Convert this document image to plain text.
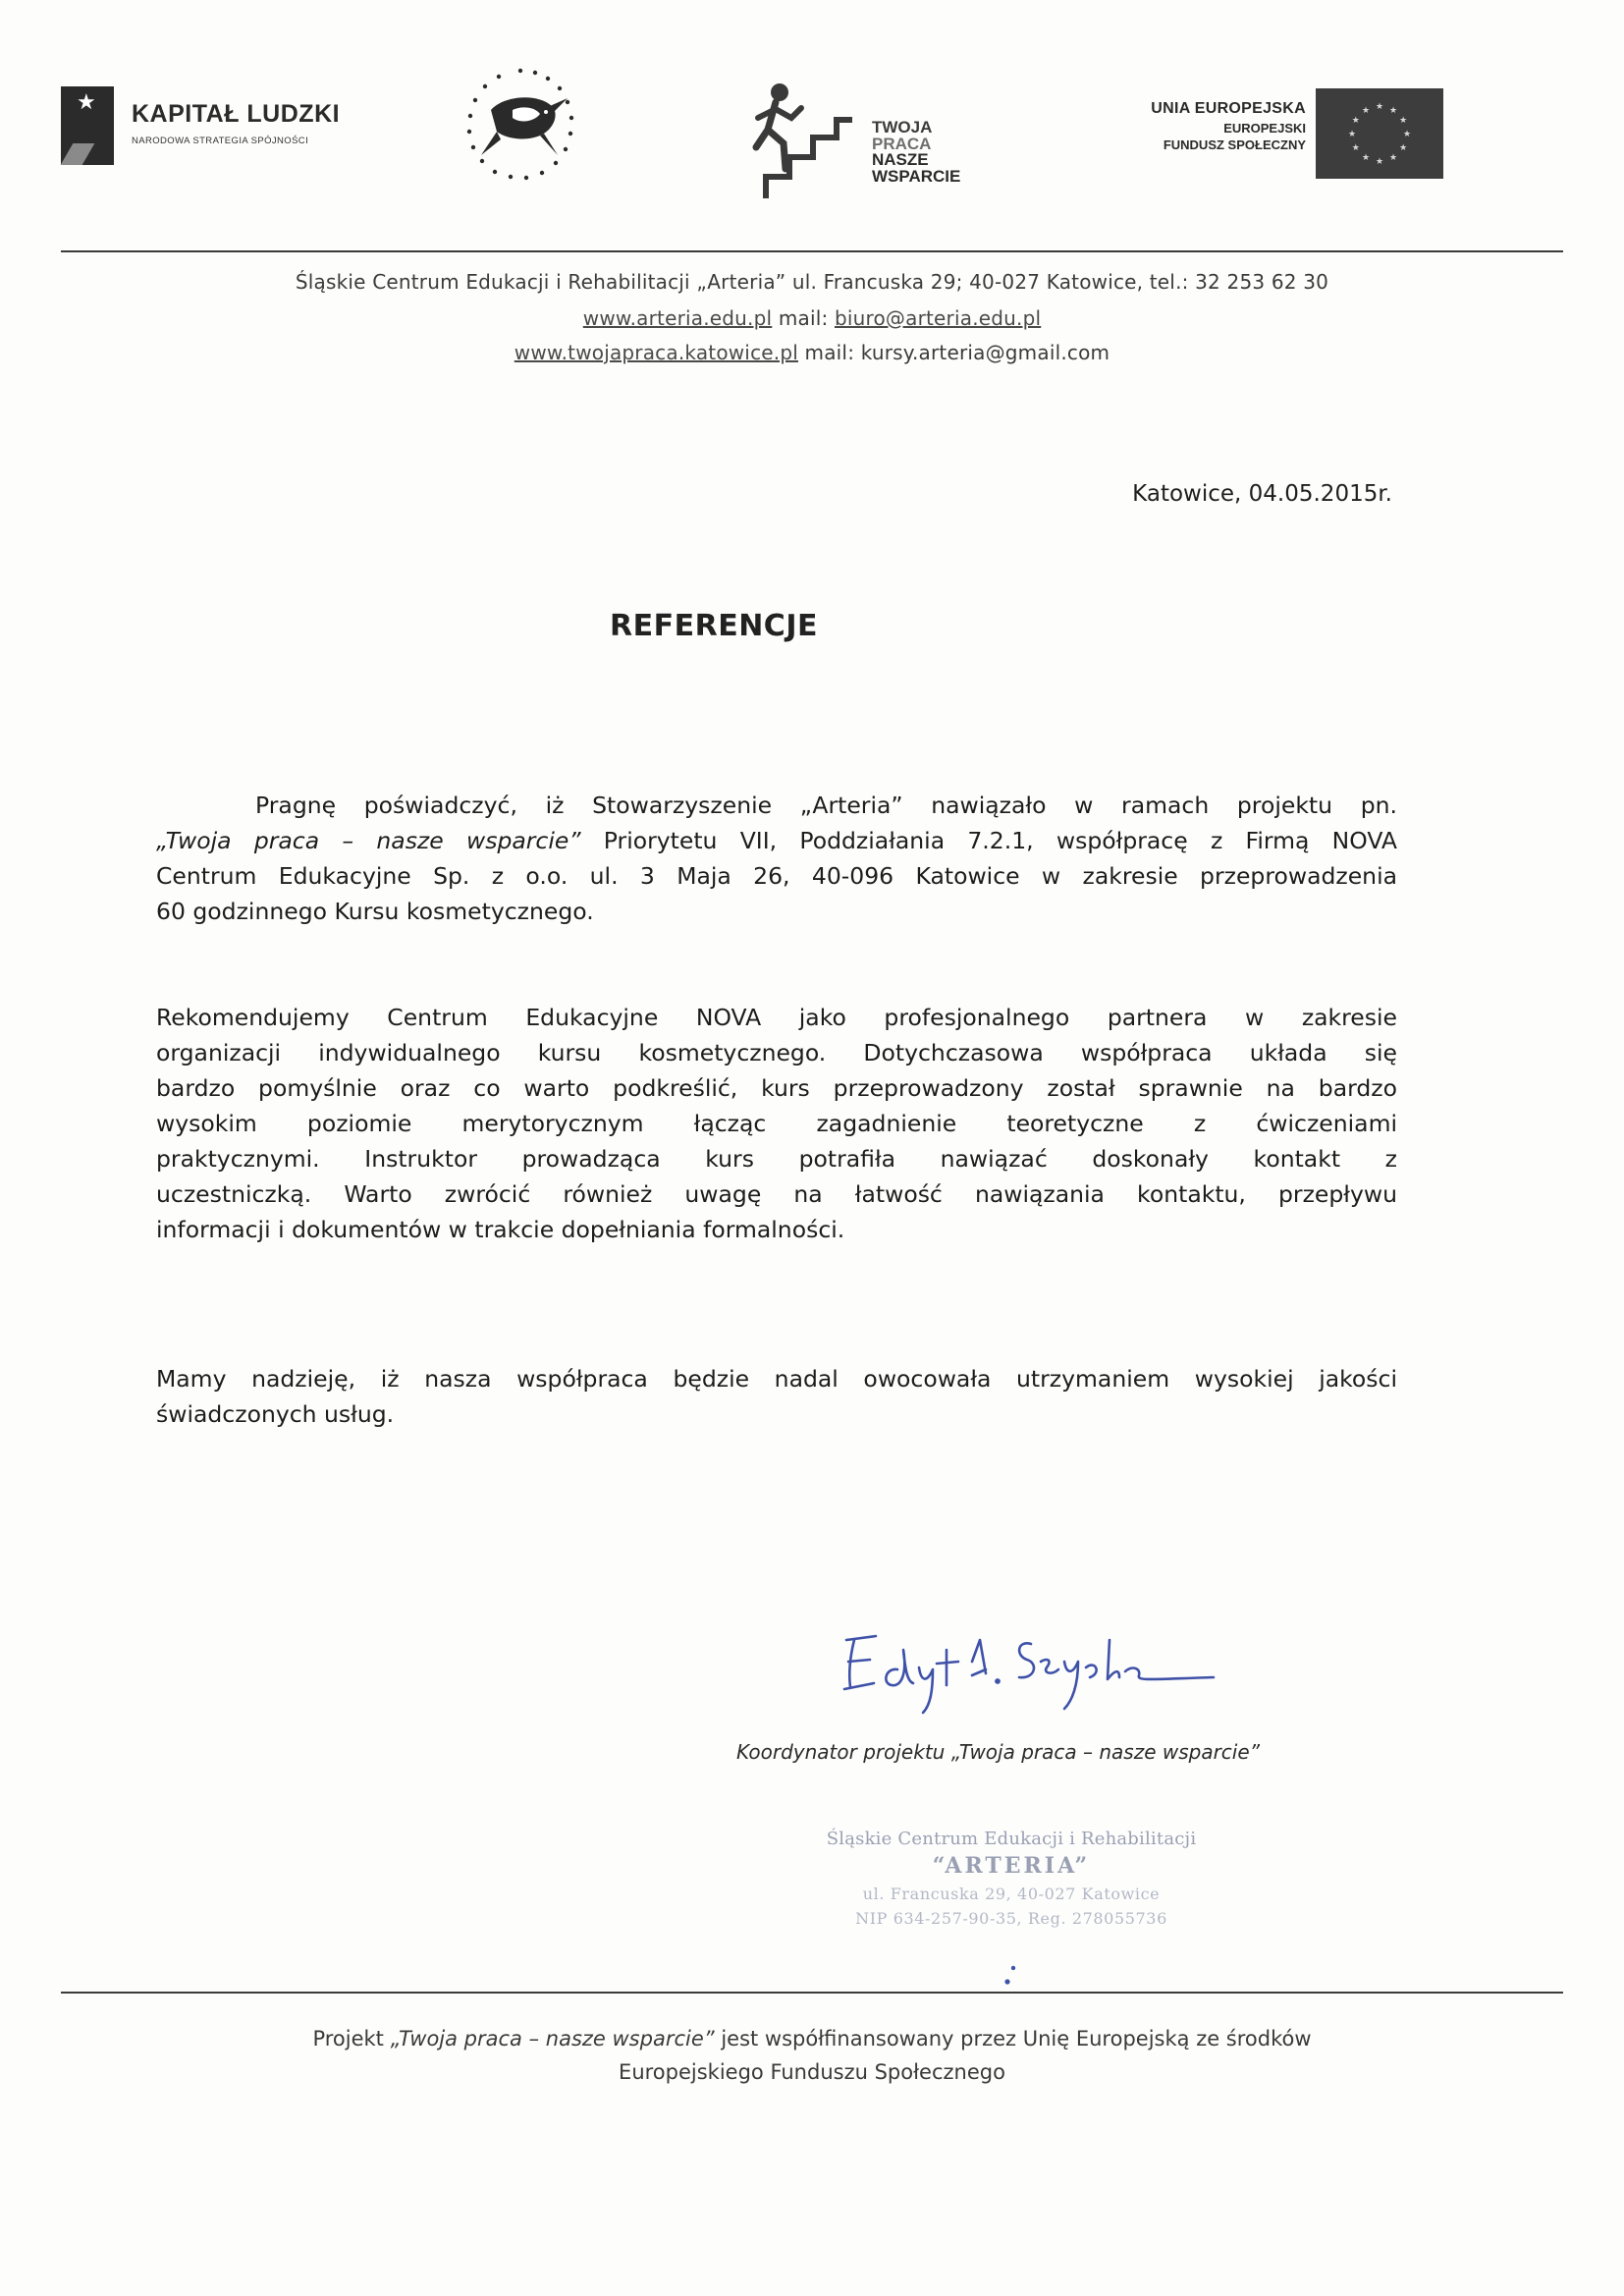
★ KAPITAŁ LUDZKI
NARODOWA STRATEGIA SPÓJNOŚCI
TWOJA
PRACA
NASZE
WSPARCIE
UNIA EUROPEJSKA
EUROPEJSKI
FUNDUSZ SPOŁECZNY
★ ★
★
★
★
★
★
★
★
★
★
★
Śląskie Centrum Edukacji i Rehabilitacji „Arteria” ul. Francuska 29; 40-027 Katowice, tel.: 32 253 62 30
www.arteria.edu.pl mail: biuro@arteria.edu.pl
www.twojapraca.katowice.pl mail: kursy.arteria@gmail.com
Katowice, 04.05.2015r.
REFERENCJE
Pragnę poświadczyć, iż Stowarzyszenie „Arteria” nawiązało w ramach projektu pn.
„Twoja praca – nasze wsparcie” Priorytetu VII, Poddziałania 7.2.1, współpracę z Firmą NOVA
Centrum Edukacyjne Sp. z o.o. ul. 3 Maja 26, 40-096 Katowice w zakresie przeprowadzenia
60 godzinnego Kursu kosmetycznego.
Rekomendujemy Centrum Edukacyjne NOVA jako profesjonalnego partnera w zakresie
organizacji indywidualnego kursu kosmetycznego. Dotychczasowa współpraca układa się
bardzo pomyślnie oraz co warto podkreślić, kurs przeprowadzony został sprawnie na bardzo
wysokim poziomie merytorycznym łącząc zagadnienie teoretyczne z ćwiczeniami
praktycznymi. Instruktor prowadząca kurs potrafiła nawiązać doskonały kontakt z
uczestniczką. Warto zwrócić również uwagę na łatwość nawiązania kontaktu, przepływu
informacji i dokumentów w trakcie dopełniania formalności.
Mamy nadzieję, iż nasza współpraca będzie nadal owocowała utrzymaniem wysokiej jakości
świadczonych usług.
Koordynator projektu „Twoja praca – nasze wsparcie”
Śląskie Centrum Edukacji i Rehabilitacji
“ARTERIA”
ul. Francuska 29, 40-027 Katowice
NIP 634-257-90-35, Reg. 278055736
Projekt „Twoja praca – nasze wsparcie” jest współfinansowany przez Unię Europejską ze środków
Europejskiego Funduszu Społecznego
